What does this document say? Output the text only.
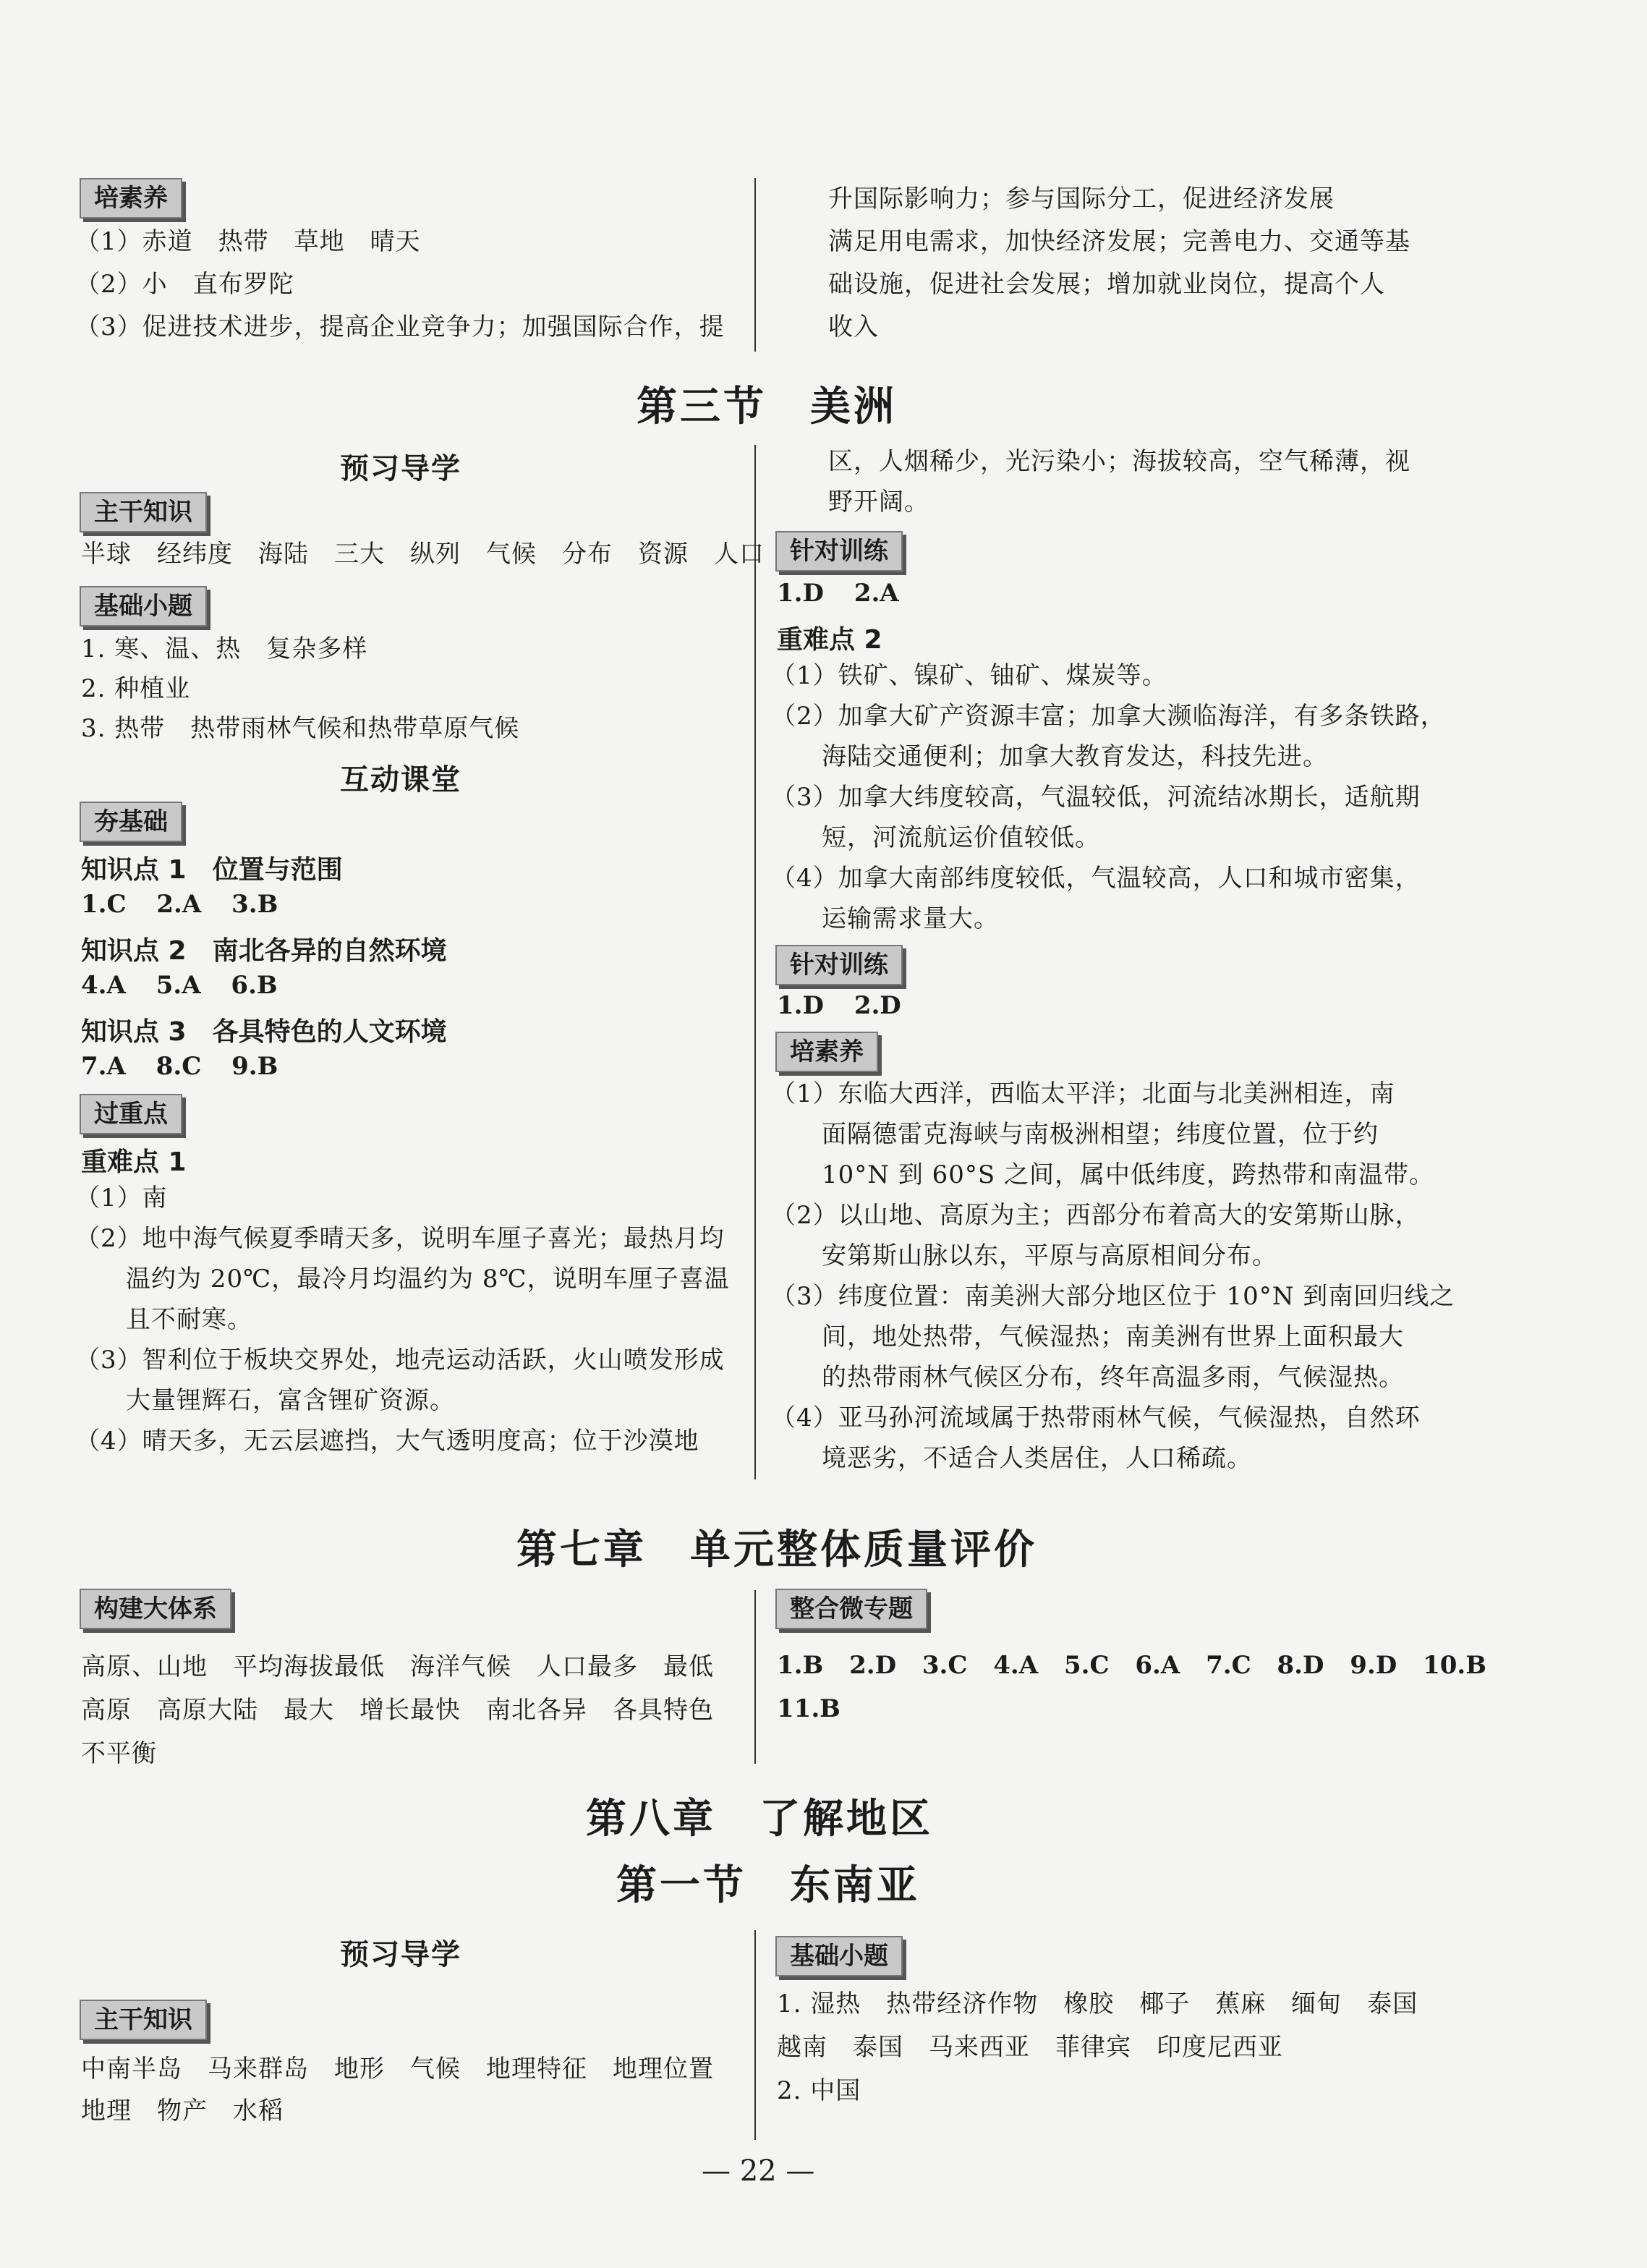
培素养
（1）赤道　热带　草地　晴天
（2）小　直布罗陀
（3）促进技术进步，提高企业竞争力；加强国际合作，提
升国际影响力；参与国际分工，促进经济发展
满足用电需求，加快经济发展；完善电力、交通等基
础设施，促进社会发展；增加就业岗位，提高个人
收入
第三节　美洲
预习导学
主干知识
半球　经纬度　海陆　三大　纵列　气候　分布　资源　人口
基础小题
1. 寒、温、热　复杂多样
2. 种植业
3. 热带　热带雨林气候和热带草原气候
互动课堂
夯基础
知识点 1　位置与范围
1.C 2.A 3.B
知识点 2　南北各异的自然环境
4.A 5.A 6.B
知识点 3　各具特色的人文环境
7.A 8.C 9.B
过重点
重难点 1
（1）南
（2）地中海气候夏季晴天多，说明车厘子喜光；最热月均
　　温约为 20℃，最冷月均温约为 8℃，说明车厘子喜温
　　且不耐寒。
（3）智利位于板块交界处，地壳运动活跃，火山喷发形成
　　大量锂辉石，富含锂矿资源。
（4）晴天多，无云层遮挡，大气透明度高；位于沙漠地
区，人烟稀少，光污染小；海拔较高，空气稀薄，视
野开阔。
针对训练
1.D 2.A
重难点 2
（1）铁矿、镍矿、铀矿、煤炭等。
（2）加拿大矿产资源丰富；加拿大濒临海洋，有多条铁路，
　　海陆交通便利；加拿大教育发达，科技先进。
（3）加拿大纬度较高，气温较低，河流结冰期长，适航期
　　短，河流航运价值较低。
（4）加拿大南部纬度较低，气温较高，人口和城市密集，
　　运输需求量大。
针对训练
1.D 2.D
培素养
（1）东临大西洋，西临太平洋；北面与北美洲相连，南
　　面隔德雷克海峡与南极洲相望；纬度位置，位于约
　　10°N 到 60°S 之间，属中低纬度，跨热带和南温带。
（2）以山地、高原为主；西部分布着高大的安第斯山脉，
　　安第斯山脉以东，平原与高原相间分布。
（3）纬度位置：南美洲大部分地区位于 10°N 到南回归线之
　　间，地处热带，气候湿热；南美洲有世界上面积最大
　　的热带雨林气候区分布，终年高温多雨，气候湿热。
（4）亚马孙河流域属于热带雨林气候，气候湿热，自然环
　　境恶劣，不适合人类居住，人口稀疏。
第七章　单元整体质量评价
构建大体系
高原、山地　平均海拔最低　海洋气候　人口最多　最低
高原　高原大陆　最大　增长最快　南北各异　各具特色
不平衡
整合微专题
1.B 2.D 3.C 4.A 5.C 6.A 7.C 8.D 9.D 10.B
11.B
第八章　了解地区
第一节　东南亚
预习导学
主干知识
中南半岛　马来群岛　地形　气候　地理特征　地理位置
地理　物产　水稻
基础小题
1. 湿热　热带经济作物　橡胶　椰子　蕉麻　缅甸　泰国
越南　泰国　马来西亚　菲律宾　印度尼西亚
2. 中国
— 22 —
